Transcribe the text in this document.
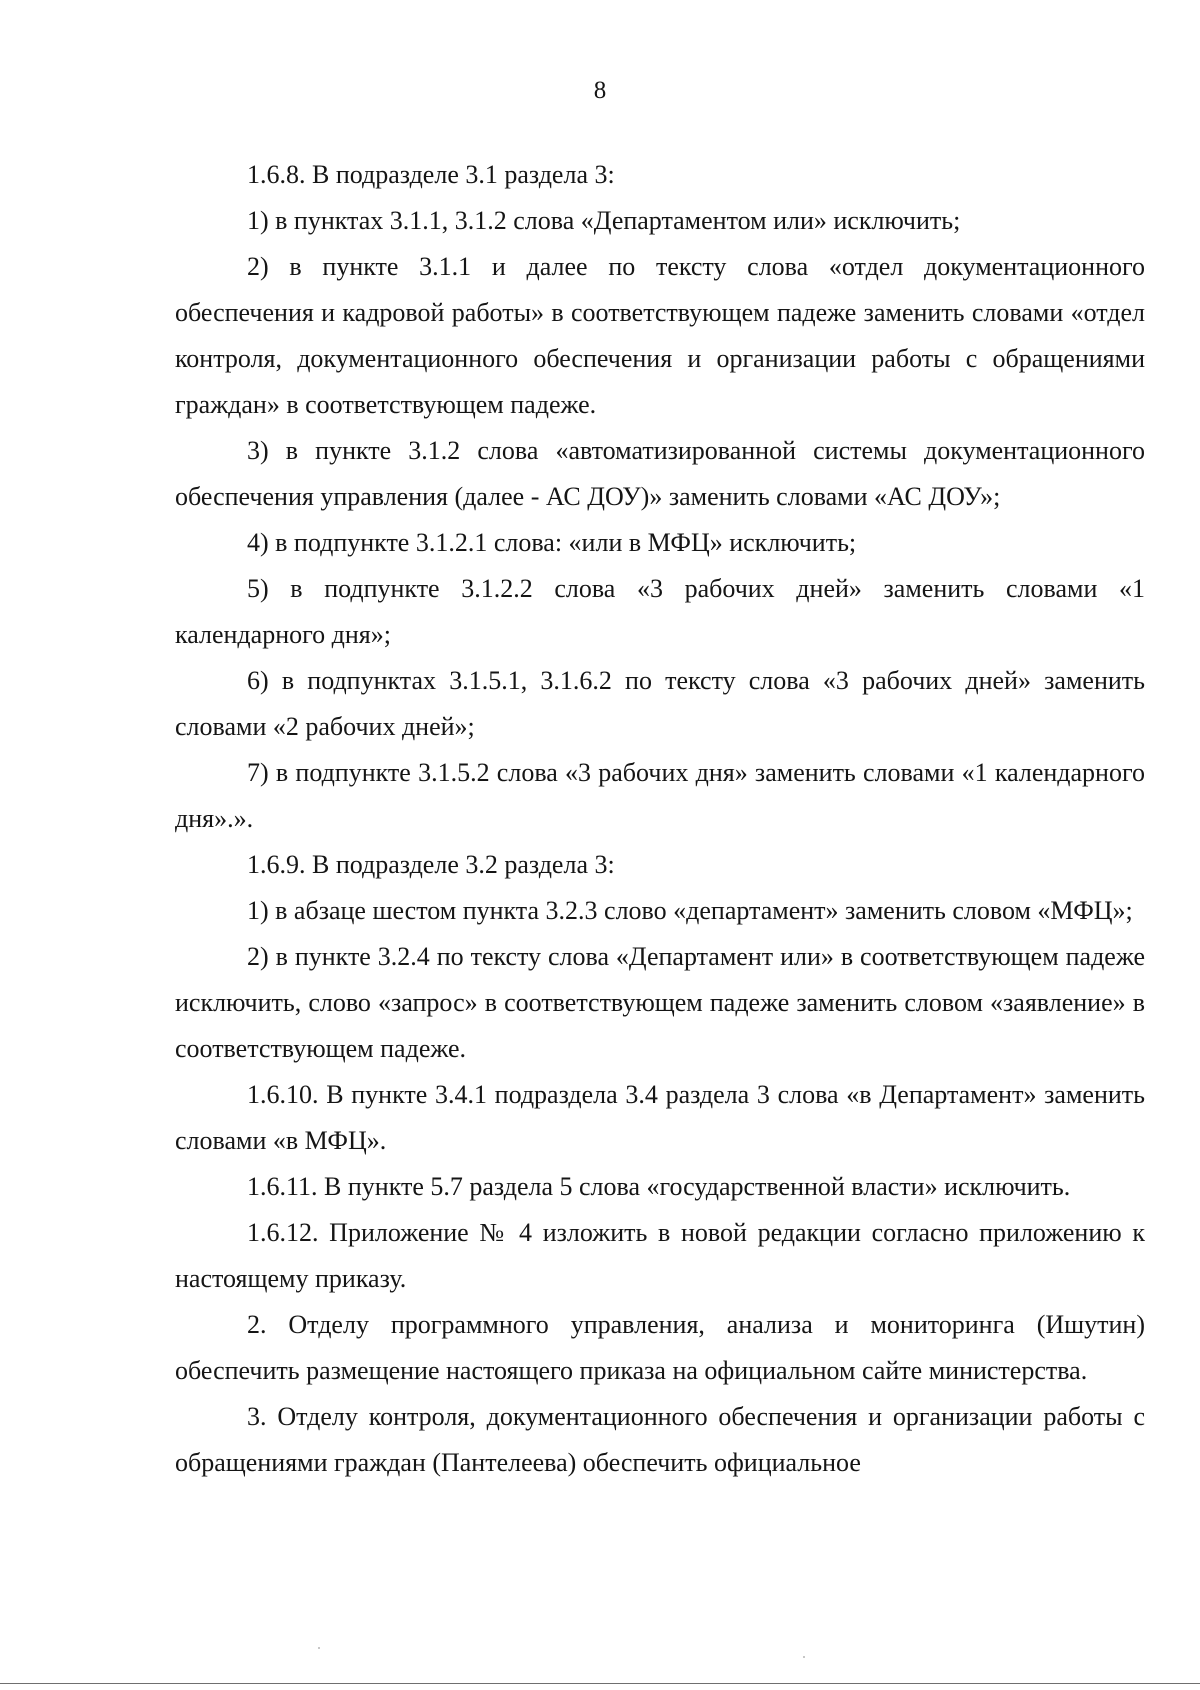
8

1.6.8. В подразделе 3.1 раздела 3:

1) в пунктах 3.1.1, 3.1.2 слова «Департаментом или» исключить;

2) в пункте 3.1.1 и далее по тексту слова «отдел документационного обеспечения и кадровой работы» в соответствующем падеже заменить словами «отдел контроля, документационного обеспечения и организации работы с обращениями граждан» в соответствующем падеже.

3) в пункте 3.1.2 слова «автоматизированной системы документационного обеспечения управления (далее - АС ДОУ)» заменить словами «АС ДОУ»;

4) в подпункте 3.1.2.1 слова: «или в МФЦ» исключить;

5) в подпункте 3.1.2.2 слова «3 рабочих дней» заменить словами «1 календарного дня»;

6) в подпунктах 3.1.5.1, 3.1.6.2 по тексту слова «3 рабочих дней» заменить словами «2 рабочих дней»;

7) в подпункте 3.1.5.2 слова «3 рабочих дня» заменить словами «1 календарного дня».».

1.6.9. В подразделе 3.2 раздела 3:

1) в абзаце шестом пункта 3.2.3 слово «департамент» заменить словом «МФЦ»;

2) в пункте 3.2.4 по тексту слова «Департамент или» в соответствующем падеже исключить, слово «запрос» в соответствующем падеже заменить словом «заявление» в соответствующем падеже.

1.6.10. В пункте 3.4.1 подраздела 3.4 раздела 3 слова «в Департамент» заменить словами «в МФЦ».

1.6.11. В пункте 5.7 раздела 5 слова «государственной власти» исключить.

1.6.12. Приложение № 4 изложить в новой редакции согласно приложению к настоящему приказу.

2. Отделу программного управления, анализа и мониторинга (Ишутин) обеспечить размещение настоящего приказа на официальном сайте министерства.

3. Отделу контроля, документационного обеспечения и организации работы с обращениями граждан (Пантелеева) обеспечить официальное
